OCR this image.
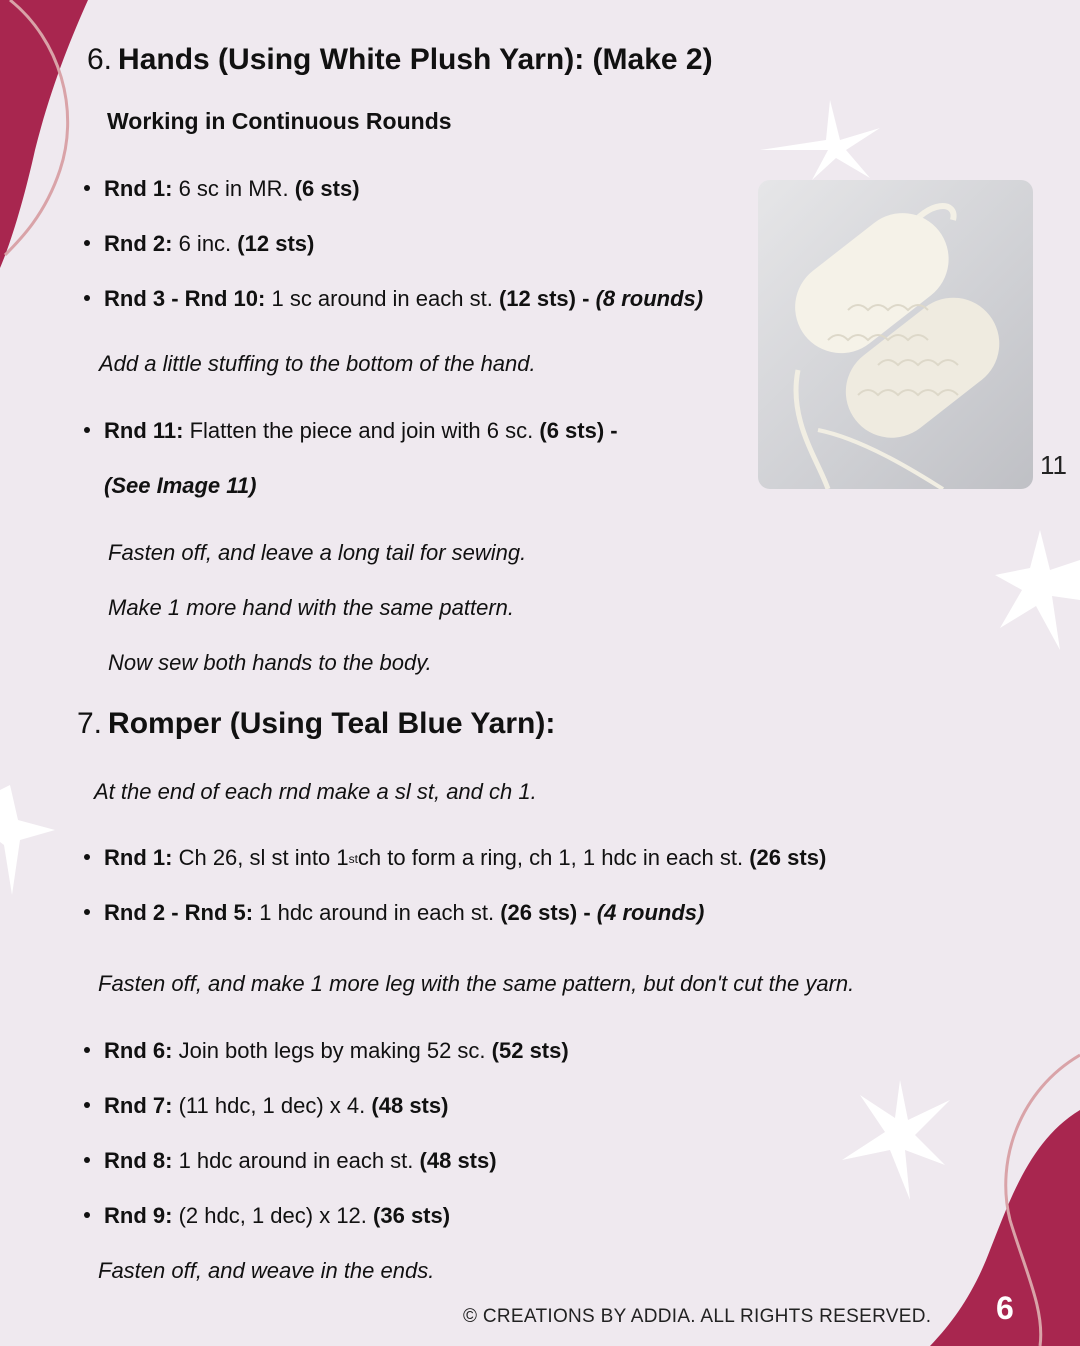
6. Hands (Using White Plush Yarn): (Make 2)
Working in Continuous Rounds
Rnd 1:
6 sc in MR.
(6 sts)
Rnd 2:
6 inc.
(12 sts)
Rnd 3 - Rnd 10:
1 sc around in each st.
(12 sts) -
(8 rounds)
Add a little stuffing to the bottom of the hand.
Rnd 11:
Flatten the piece and join with 6 sc.
(6 sts) -
(See Image 11)
Fasten off, and leave a long tail for sewing.
Make 1 more hand with the same pattern.
Now sew both hands to the body.
11
7. Romper (Using Teal Blue Yarn):
At the end of each rnd make a sl st, and ch 1.
Rnd 1:
Ch 26, sl st into 1st ch to form a ring, ch 1, 1 hdc in each st.
(26 sts)
Rnd 2 - Rnd 5:
1 hdc around in each st.
(26 sts) -
(4 rounds)
Fasten off, and make 1 more leg with the same pattern, but don't cut the yarn.
Rnd 6:
Join both legs by making 52 sc.
(52 sts)
Rnd 7:
(11 hdc, 1 dec) x 4.
(48 sts)
Rnd 8:
1 hdc around in each st.
(48 sts)
Rnd 9:
(2 hdc, 1 dec) x 12.
(36 sts)
Fasten off, and weave in the ends.
© CREATIONS BY ADDIA. ALL RIGHTS RESERVED. 6
